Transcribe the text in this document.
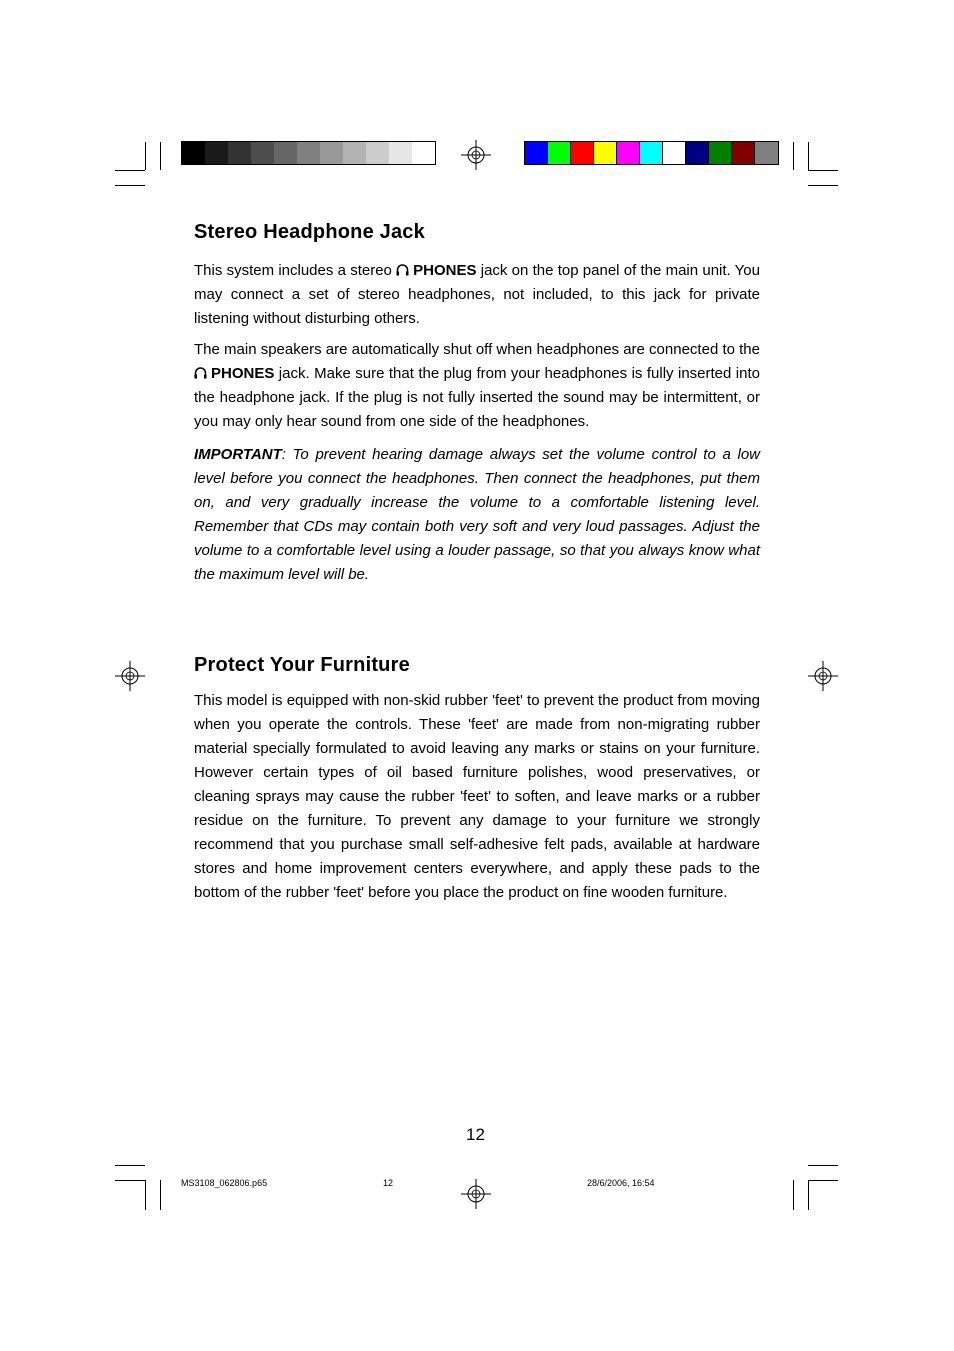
Stereo Headphone Jack

This system includes a stereo PHONES jack on the top panel of the main unit. You may connect a set of stereo headphones, not included, to this jack for private listening without disturbing others.

The main speakers are automatically shut off when headphones are connected to the PHONES jack. Make sure that the plug from your headphones is fully inserted into the headphone jack. If the plug is not fully inserted the sound may be intermittent, or you may only hear sound from one side of the headphones.

IMPORTANT: To prevent hearing damage always set the volume control to a low level before you connect the headphones. Then connect the headphones, put them on, and very gradually increase the volume to a comfortable listening level. Remember that CDs may contain both very soft and very loud passages. Adjust the volume to a comfortable level using a louder passage, so that you always know what the maximum level will be.

Protect Your Furniture

This model is equipped with non-skid rubber 'feet' to prevent the product from moving when you operate the controls. These 'feet' are made from non-migrating rubber material specially formulated to avoid leaving any marks or stains on your furniture. However certain types of oil based furniture polishes, wood preservatives, or cleaning sprays may cause the rubber 'feet' to soften, and leave marks or a rubber residue on the furniture. To prevent any damage to your furniture we strongly recommend that you purchase small self-adhesive felt pads, available at hardware stores and home improvement centers everywhere, and apply these pads to the bottom of the rubber 'feet' before you place the product on fine wooden furniture.

12
MS3108_062806.p65	12	28/6/2006, 16:54
